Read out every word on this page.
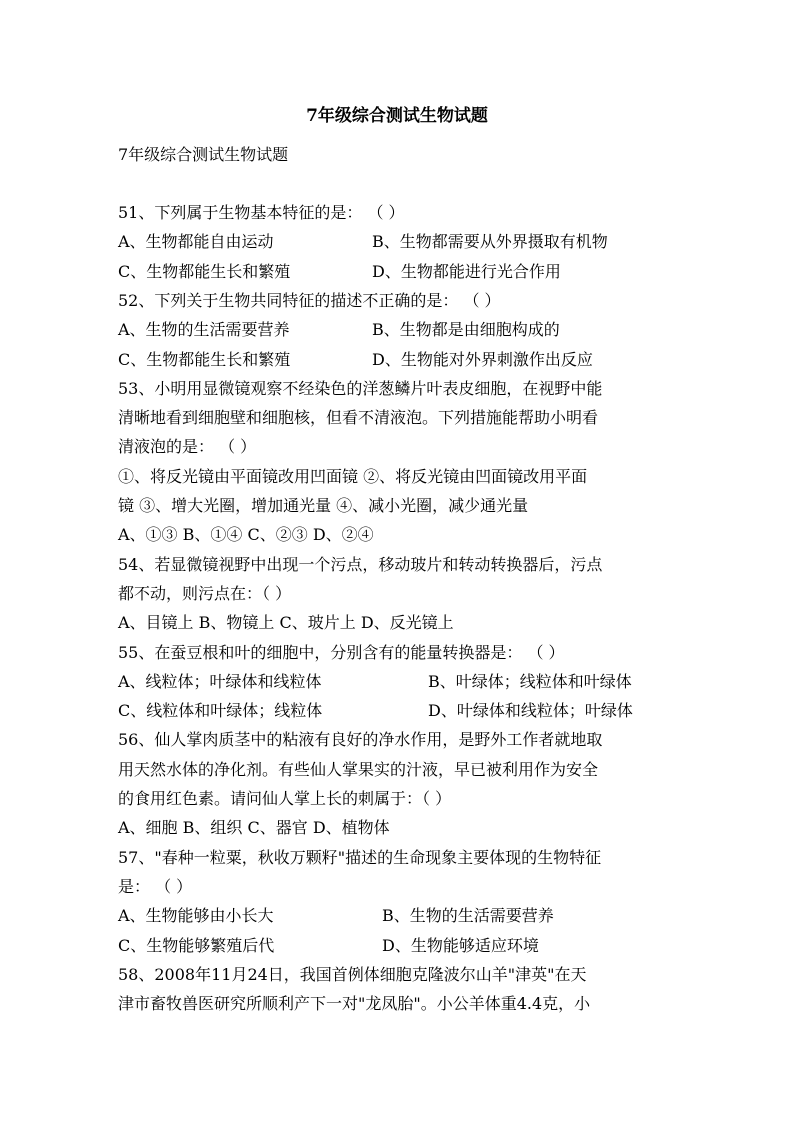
7年级综合测试生物试题
7年级综合测试生物试题
51、下列属于生物基本特征的是： （ ）
A、生物都能自由运动	B、生物都需要从外界摄取有机物
C、生物都能生长和繁殖	D、生物都能进行光合作用
52、下列关于生物共同特征的描述不正确的是： （ ）
A、生物的生活需要营养	B、生物都是由细胞构成的
C、生物都能生长和繁殖	D、生物能对外界刺激作出反应
53、小明用显微镜观察不经染色的洋葱鳞片叶表皮细胞，在视野中能
清晰地看到细胞壁和细胞核，但看不清液泡。下列措施能帮助小明看
清液泡的是： （ ）
①、将反光镜由平面镜改用凹面镜 ②、将反光镜由凹面镜改用平面
镜 ③、增大光圈，增加通光量 ④、减小光圈，减少通光量
A、①③ B、①④ C、②③ D、②④
54、若显微镜视野中出现一个污点，移动玻片和转动转换器后，污点
都不动，则污点在：（ ）
A、目镜上 B、物镜上 C、玻片上 D、反光镜上
55、在蚕豆根和叶的细胞中，分别含有的能量转换器是： （ ）
A、线粒体；叶绿体和线粒体	B、叶绿体；线粒体和叶绿体
C、线粒体和叶绿体；线粒体	D、叶绿体和线粒体；叶绿体
56、仙人掌肉质茎中的粘液有良好的净水作用，是野外工作者就地取
用天然水体的净化剂。有些仙人掌果实的汁液，早已被利用作为安全
的食用红色素。请问仙人掌上长的刺属于：（ ）
A、细胞 B、组织 C、器官 D、植物体
57、"春种一粒粟，秋收万颗籽"描述的生命现象主要体现的生物特征
是： （ ）
A、生物能够由小长大	B、生物的生活需要营养
C、生物能够繁殖后代	D、生物能够适应环境
58、2008年11月24日，我国首例体细胞克隆波尔山羊"津英"在天
津市畜牧兽医研究所顺利产下一对"龙凤胎"。小公羊体重4.4克，小
